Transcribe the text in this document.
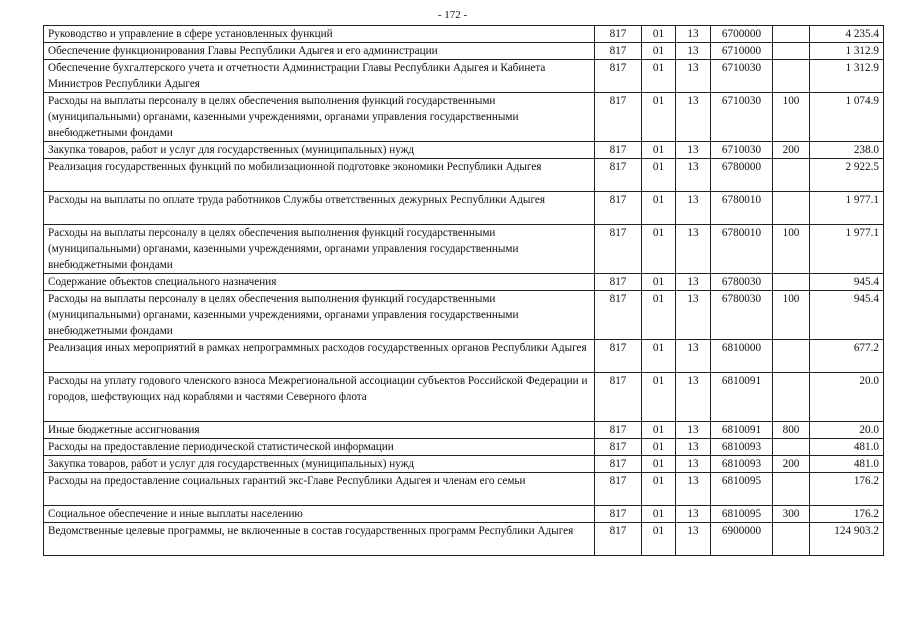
- 172 -
Руководство и управление в сфере установленных функций	817	01	13	6700000		4 235.4
Обеспечение функционирования Главы Республики Адыгея и его администрации	817	01	13	6710000		1 312.9
Обеспечение бухгалтерского учета и отчетности Администрации Главы Республики Адыгея и Кабинета Министров Республики Адыгея	817	01	13	6710030		1 312.9
Расходы на выплаты персоналу в целях обеспечения выполнения функций государственными (муниципальными) органами, казенными учреждениями, органами управления государственными внебюджетными фондами	817	01	13	6710030	100	1 074.9
Закупка товаров, работ и услуг для государственных (муниципальных) нужд	817	01	13	6710030	200	238.0
Реализация государственных функций по мобилизационной подготовке экономики Республики Адыгея	817	01	13	6780000		2 922.5
Расходы на выплаты по оплате труда работников Службы ответственных дежурных Республики Адыгея	817	01	13	6780010		1 977.1
Расходы на выплаты персоналу в целях обеспечения выполнения функций государственными (муниципальными) органами, казенными учреждениями, органами управления государственными внебюджетными фондами	817	01	13	6780010	100	1 977.1
Содержание объектов специального назначения	817	01	13	6780030		945.4
Расходы на выплаты персоналу в целях обеспечения выполнения функций государственными (муниципальными) органами, казенными учреждениями, органами управления государственными внебюджетными фондами	817	01	13	6780030	100	945.4
Реализация иных мероприятий в рамках непрограммных расходов государственных органов Республики Адыгея	817	01	13	6810000		677.2
Расходы на уплату годового членского взноса Межрегиональной ассоциации субъектов Российской Федерации и городов, шефствующих над кораблями и частями Северного флота	817	01	13	6810091		20.0
Иные бюджетные ассигнования	817	01	13	6810091	800	20.0
Расходы на предоставление периодической статистической информации	817	01	13	6810093		481.0
Закупка товаров, работ и услуг для государственных (муниципальных) нужд	817	01	13	6810093	200	481.0
Расходы на предоставление социальных гарантий экс-Главе Республики Адыгея и членам его семьи	817	01	13	6810095		176.2
Социальное обеспечение и иные выплаты населению	817	01	13	6810095	300	176.2
Ведомственные целевые программы, не включенные в состав государственных программ Республики Адыгея	817	01	13	6900000		124 903.2
